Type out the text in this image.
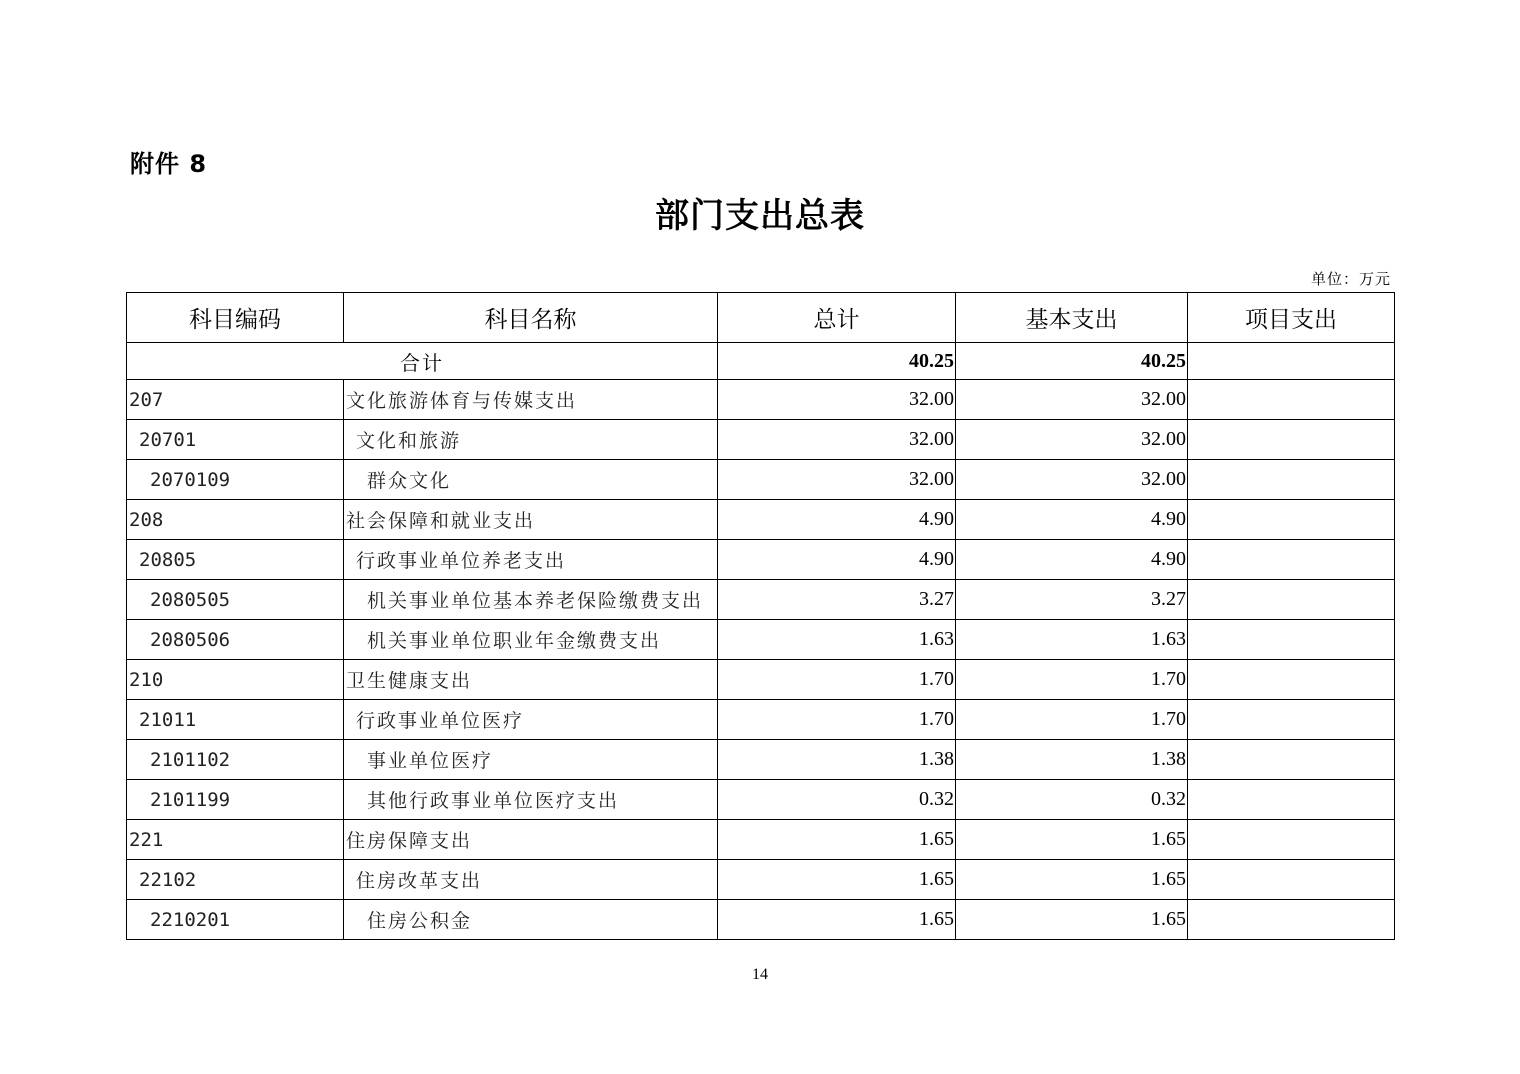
附件 8
部门支出总表
单位：万元
科目编码	科目名称	总计	基本支出	项目支出
合计		40.25	40.25	
207	文化旅游体育与传媒支出	32.00	32.00	
20701	文化和旅游	32.00	32.00	
2070109	群众文化	32.00	32.00	
208	社会保障和就业支出	4.90	4.90	
20805	行政事业单位养老支出	4.90	4.90	
2080505	机关事业单位基本养老保险缴费支出	3.27	3.27	
2080506	机关事业单位职业年金缴费支出	1.63	1.63	
210	卫生健康支出	1.70	1.70	
21011	行政事业单位医疗	1.70	1.70	
2101102	事业单位医疗	1.38	1.38	
2101199	其他行政事业单位医疗支出	0.32	0.32	
221	住房保障支出	1.65	1.65	
22102	住房改革支出	1.65	1.65	
2210201	住房公积金	1.65	1.65	
14
